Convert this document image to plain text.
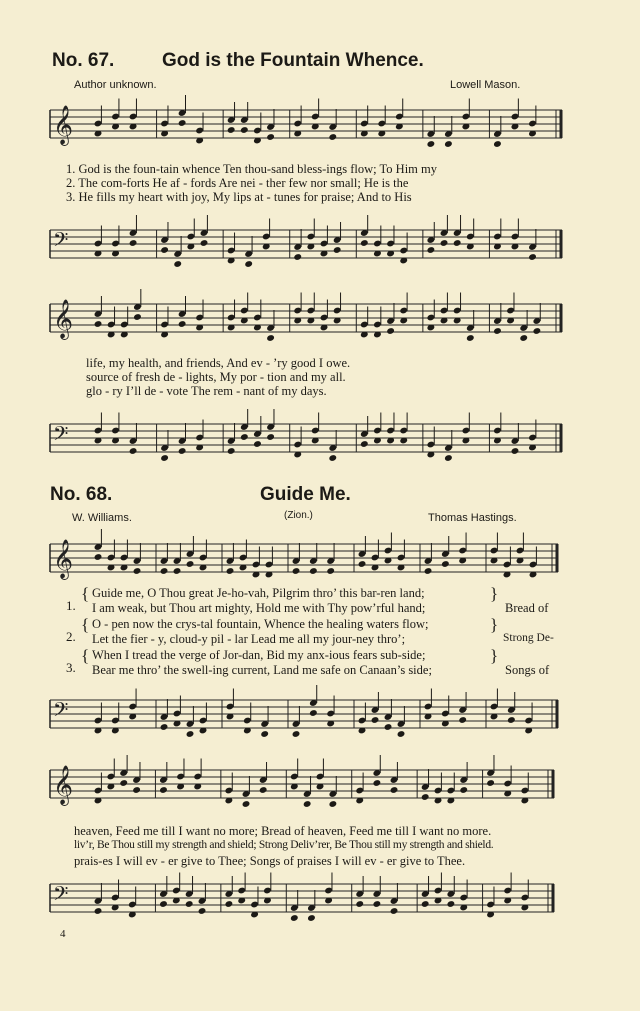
No. 67.	God is the Fountain Whence.
Author unknown.	Lowell Mason.
𝄞
1. God is the foun-tain whence Ten thou-sand bless-ings flow; To Him my
2. The com-forts He af - fords Are nei - ther few nor small; He is the
3. He fills my heart with joy, My lips at - tunes for praise; And to His
𝄢
𝄞
life, my health, and friends, And ev - ’ry good I owe.
source of fresh de - lights, My por - tion and my all.
glo - ry I’ll de - vote The rem - nant of my days.
𝄢
No. 68.	Guide Me.
W. Williams.	(Zion.)	Thomas Hastings.
𝄞
1.
{ Guide me, O Thou great Je-ho-vah, Pilgrim thro’ this bar-ren land;
I am weak, but Thou art mighty, Hold me with Thy pow’rful hand;
}
Bread of
2.
{ O - pen now the crys-tal fountain, Whence the healing waters flow;
Let the fier - y, cloud-y pil - lar Lead me all my jour-ney thro’;
}
Strong De-
3.
{ When I tread the verge of Jor-dan, Bid my anx-ious fears sub-side;
Bear me thro’ the swell-ing current, Land me safe on Canaan’s side;
}
Songs of
𝄢
𝄞
heaven, Feed me till I want no more; Bread of heaven, Feed me till I want no more.
liv’r, Be Thou still my strength and shield; Strong Deliv’rer, Be Thou still my strength and shield.
prais-es I will ev - er give to Thee; Songs of praises I will ev - er give to Thee.
𝄢
4
